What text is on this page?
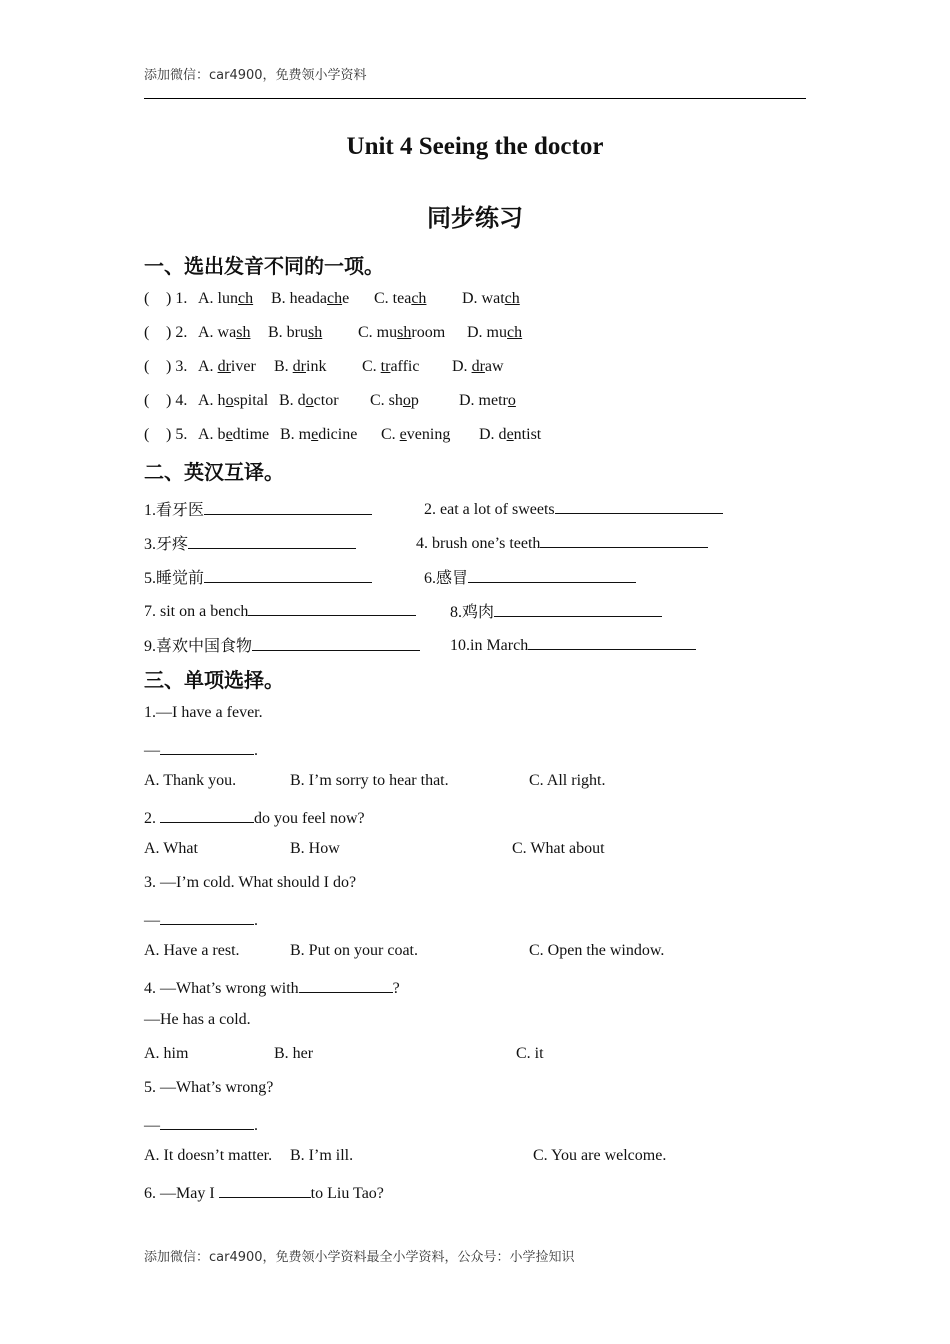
添加微信：car4900，免费领小学资料
Unit 4 Seeing the doctor
同步练习
一、选出发音不同的一项。
( ) 1. A. lunch B. headache C. teach D. watch
( ) 2. A. wash B. brush C. mushroom D. much
( ) 3. A. driver B. drink C. traffic D. draw
( ) 4. A. hospital B. doctor C. shop	D. metro
( ) 5. A. bedtime B. medicine C. evening D. dentist
二、英汉互译。
1.看牙医	2. eat a lot of sweets
3.牙疼	4. brush one’s teeth
5.睡觉前	6.感冒
7. sit on a bench	8.鸡肉
9.喜欢中国食物	10.in March
三、单项选择。
1.—I have a fever.
—	.
A. Thank you.	B. I’m sorry to hear that.	C. All right.
2.	do you feel now?
A. What	B. How	C. What about
3. —I’m cold. What should I do?
—	.
A. Have a rest.	B. Put on your coat.	C. Open the window.
4. —What’s wrong with	?
—He has a cold.
A. him	B. her	C. it
5. —What’s wrong?
—	.
A. It doesn’t matter. B. I’m ill.	C. You are welcome.
6. —May I	to Liu Tao?
添加微信：car4900，免费领小学资料最全小学资料，公众号：小学捡知识
